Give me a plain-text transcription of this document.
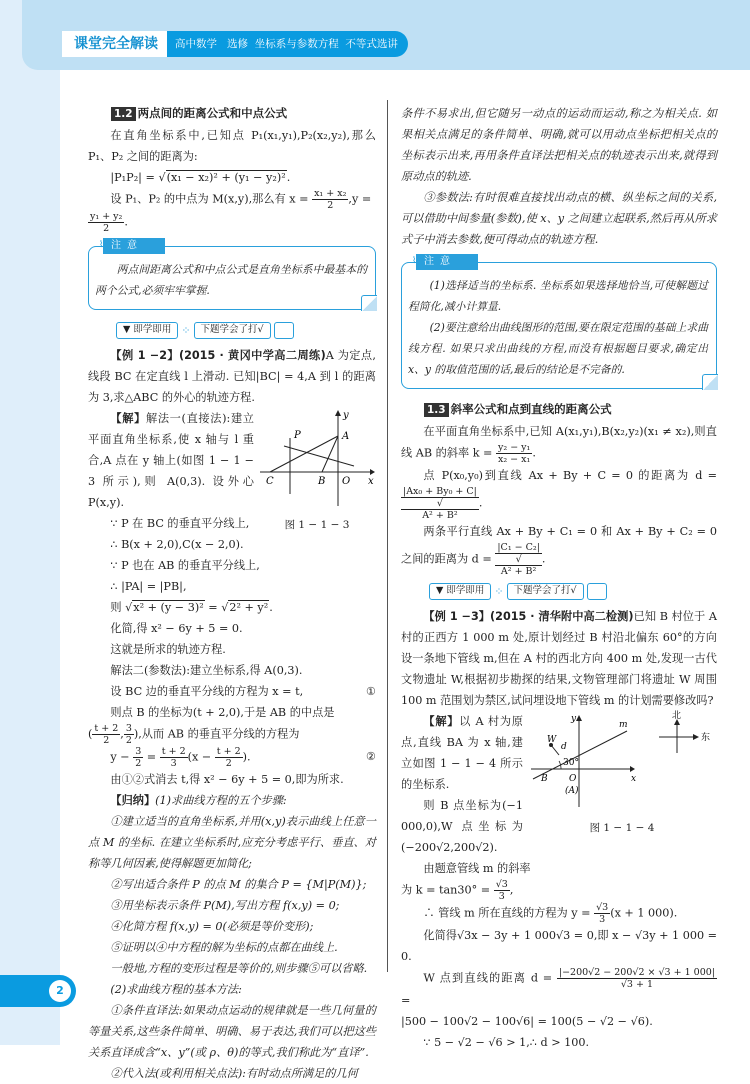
课堂完全解读	高中数学   选修  坐标系与参数方程  不等式选讲
1.2 两点间的距离公式和中点公式

在直角坐标系中,已知点 P₁(x₁,y₁),P₂(x₂,y₂),那么 P₁、P₂ 之间的距离为:

|P₁P₂| = √(x₁ − x₂)² + (y₁ − y₂)².

设 P₁、P₂ 的中点为 M(x,y),那么有 $x = \frac{\text{x₁ + x₂}}{2} ,y$ =

$\frac{\text{y₁ + y₂}}{2}$ .

⌇ 注意

两点间距离公式和中点公式是直角坐标系中最基本的两个公式,必须牢牢掌握.

▼ 即学即用 ⁘	下题学会了打√

【例 1 −2】(2015 · 黄冈中学高二周练)A 为定点,线段 BC 在定直线 l 上滑动. 已知|BC| = 4,A 到 l 的距离为 3,求△ABC 的外心的轨迹方程.

P	A
C	B O x
y
图 1 − 1 − 3

【解】解法一(直接法):建立平面直角坐标系,使 x 轴与 l 重合,A 点在 y 轴上(如图 1 − 1 − 3 所示),则 A(0,3). 设外心 P(x,y).

∵ P 在 BC 的垂直平分线上,

∴ B(x + 2,0),C(x − 2,0).

∵ P 也在 AB 的垂直平分线上,

∴ |PA| = |PB|,

则 √x² + (y − 3)² = √2² + y².

化简,得 x² − 6y + 5 = 0.

这就是所求的轨迹方程.

解法二(参数法):建立坐标系,得 A(0,3).

设 BC 边的垂直平分线的方程为 x = t,	①

则点 B 的坐标为(t + 2,0),于是 AB 的中点是

( $\frac{t + 2}{2}$ , $\frac{3}{2}$ ),从而 AB 的垂直平分线的方程为

$y - \frac{3}{2} = \frac{t + 2}{3} (x - \frac{t + 2}{2}$ ).	②

由①②式消去 t,得 x² − 6y + 5 = 0,即为所求.

【归纳】(1)求曲线方程的五个步骤:

①建立适当的直角坐标系,并用(x,y)表示曲线上任意一点 M 的坐标. 在建立坐标系时,应充分考虑平行、垂直、对称等几何因素,使得解题更加简化;

②写出适合条件 P 的点 M 的集合 P = {M|P(M)};

③用坐标表示条件 P(M),写出方程 f(x,y) = 0;

④化简方程 f(x,y) = 0(必须是等价变形);

⑤证明以④中方程的解为坐标的点都在曲线上.

一般地,方程的变形过程是等价的,则步骤⑤可以省略.

(2)求曲线方程的基本方法:

①条件直译法:如果动点运动的规律就是一些几何量的等量关系,这些条件简单、明确、易于表达,我们可以把这些关系直译成含“x、y”(或 ρ、θ)的等式,我们称此为“直译”.

②代入法(或利用相关点法):有时动点所满足的几何

条件不易求出,但它随另一动点的运动而运动,称之为相关点. 如果相关点满足的条件简单、明确,就可以用动点坐标把相关点的坐标表示出来,再用条件直译法把相关点的轨迹表示出来,就得到原动点的轨迹.

③参数法:有时很难直接找出动点的横、纵坐标之间的关系,可以借助中间参量(参数),使 x、y 之间建立起联系,然后再从所求式子中消去参数,便可得动点的轨迹方程.

⌇ 注意

(1)选择适当的坐标系. 坐标系如果选择地恰当,可使解题过程简化,减小计算量.

(2)要注意给出曲线图形的范围,要在限定范围的基础上求曲线方程. 如果只求出曲线的方程,而没有根据题目要求,确定出 x、y 的取值范围的话,最后的结论是不完备的.

1.3 斜率公式和点到直线的距离公式

在平面直角坐标系中,已知 A(x₁,y₁),B(x₂,y₂)(x₁ ≠ x₂),则直线 AB 的斜率 $k = \frac{\text{y₂ − y₁}}{\text{x₂ − x₁}}$ .

点 P(x₀,y₀)到直线 Ax + By + C = 0 的距离为 d =
|Ax₀ + By₀ + C|
√
A² + B² .

两条平行直线 Ax + By + C₁ = 0 和 Ax + By + C₂ = 0 之间的距离为 d = |C₁ − C₂|
√
A² + B² .

▼ 即学即用 ⁘	下题学会了打√

【例 1 −3】(2015 · 清华附中高二检测)已知 B 村位于 A 村的正西方 1 000 m 处,原计划经过 B 村沿北偏东 60°的方向设一条地下管线 m,但在 A 村的西北方向 400 m 处,发现一古代文物遗址 W,根据初步勘探的结果,文物管理部门将遗址 W 周围 100 m 范围划为禁区,试问埋设地下管线 m 的计划需要修改吗?

W
d
30°
B O
(A)
x
y
m
北
东
图 1 − 1 − 4

【解】以 A 村为原点,直线 BA 为 x 轴,建立如图 1 − 1 − 4 所示的坐标系.

则 B 点坐标为(−1 000,0),W 点坐标为(−200√2,200√2).

由题意管线 m 的斜率

为 $k = \tan 30^\circ = \frac{√3}{3}$ ,

∴ 管线 m 所在直线的方程为 $y = \frac{√3}{3} (x + 1$ 000).

化简得√3x − 3y + 1 000√3 = 0,即 x − √3y + 1 000 = 0.

W 点到直线的距离 $d = \frac{|-200√2 - 200√2 \times √3 + 1 000|}{√3 + 1}$
=

|500 − 100√2 − 100√6| = 100(5 − √2 − √6).

∵ 5 − √2 − √6 > 1,∴ d > 100.

2
